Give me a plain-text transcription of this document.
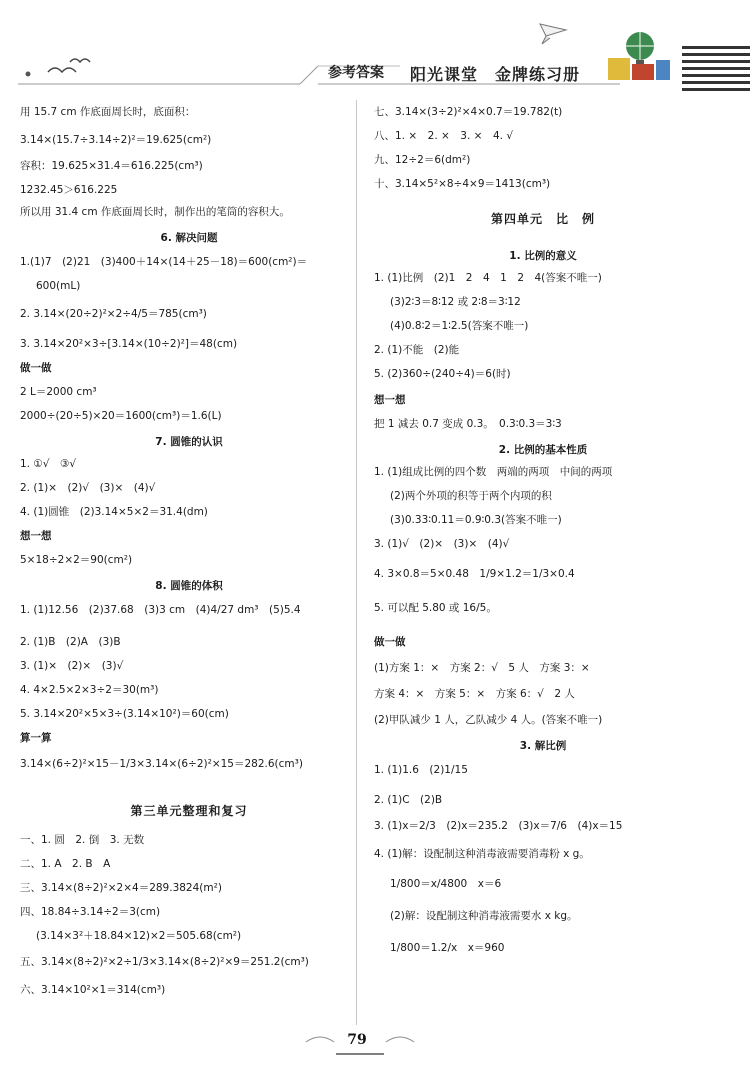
参考答案 阳光课堂　金牌练习册
用 15.7 cm 作底面周长时，底面积：
3.14×(15.7÷3.14÷2)²＝19.625(cm²)
容积：19.625×31.4＝616.225(cm³)
1232.45＞616.225
所以用 31.4 cm 作底面周长时，制作出的笔筒的容积大。
6. 解决问题
1.(1)7　(2)21　(3)400＋14×(14＋25－18)＝600(cm²)＝
600(mL)
2. 3.14×(20÷2)²×2÷4/5＝785(cm³)
3. 3.14×20²×3÷[3.14×(10÷2)²]＝48(cm)
做一做
2 L＝2000 cm³
2000÷(20÷5)×20＝1600(cm³)＝1.6(L)
7. 圆锥的认识
1. ①√　③√
2. (1)×　(2)√　(3)×　(4)√
4. (1)圆锥　(2)3.14×5×2＝31.4(dm)
想一想
5×18÷2×2＝90(cm²)
8. 圆锥的体积
1. (1)12.56　(2)37.68　(3)3 cm　(4)4/27 dm³　(5)5.4
2. (1)B　(2)A　(3)B
3. (1)×　(2)×　(3)√
4. 4×2.5×2×3÷2＝30(m³)
5. 3.14×20²×5×3÷(3.14×10²)＝60(cm)
算一算
3.14×(6÷2)²×15－1/3×3.14×(6÷2)²×15＝282.6(cm³)
第三单元整理和复习
一、1. 圆　2. 倒　3. 无数
二、1. A　2. B　A
三、3.14×(8÷2)²×2×4＝289.3824(m²)
四、18.84÷3.14÷2＝3(cm)
(3.14×3²＋18.84×12)×2＝505.68(cm²)
五、3.14×(8÷2)²×2÷1/3×3.14×(8÷2)²×9＝251.2(cm³)
六、3.14×10²×1＝314(cm³)
七、3.14×(3÷2)²×4×0.7＝19.782(t)
八、1. ×　2. ×　3. ×　4. √
九、12÷2＝6(dm²)
十、3.14×5²×8÷4×9＝1413(cm³)
第四单元　比　例
1. 比例的意义
1. (1)比例　(2)1　2　4　1　2　4(答案不唯一)
(3)2∶3＝8∶12 或 2∶8＝3∶12
(4)0.8∶2＝1∶2.5(答案不唯一)
2. (1)不能　(2)能
5. (2)360÷(240÷4)＝6(时)
想一想
把 1 减去 0.7 变成 0.3。　0.3∶0.3＝3∶3
2. 比例的基本性质
1. (1)组成比例的四个数　两端的两项　中间的两项
(2)两个外项的积等于两个内项的积
(3)0.33∶0.11＝0.9∶0.3(答案不唯一)
3. (1)√　(2)×　(3)×　(4)√
4. 3×0.8＝5×0.48　1/9×1.2＝1/3×0.4
5. 可以配 5.80 或 16/5。
做一做
(1)方案 1：×　方案 2：√　5 人　方案 3：×
方案 4：×　方案 5：×　方案 6：√　2 人
(2)甲队减少 1 人，乙队减少 4 人。(答案不唯一)
3. 解比例
1. (1)1.6　(2)1/15
2. (1)C　(2)B
3. (1)x＝2/3　(2)x＝235.2　(3)x＝7/6　(4)x＝15
4. (1)解：设配制这种消毒液需要消毒粉 x g。
1/800＝x/4800　x＝6
(2)解：设配制这种消毒液需要水 x kg。
1/800＝1.2/x　x＝960
79
